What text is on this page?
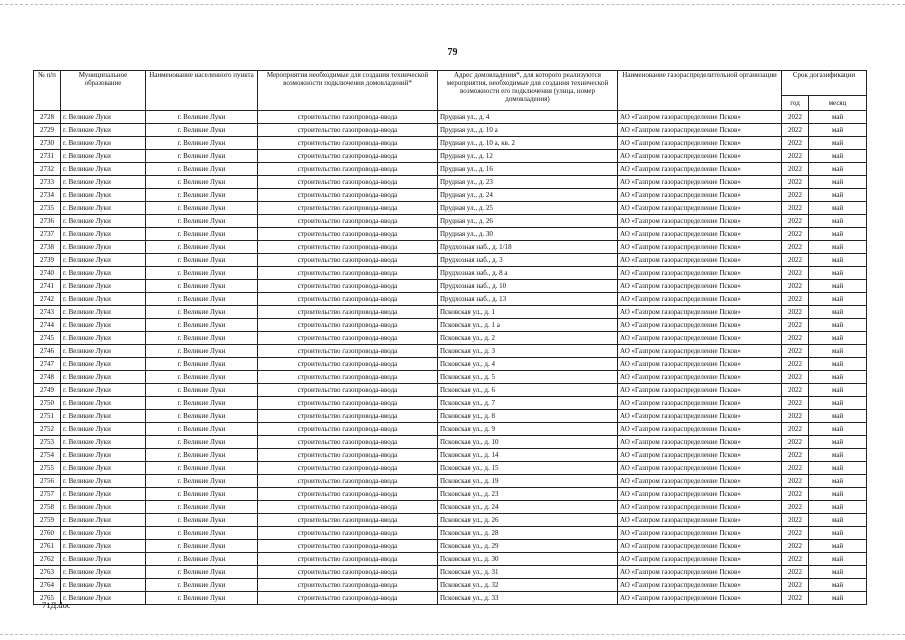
79
№ п/п	Муниципальное образование	Наименование населенного пункта	Мероприятия необходимые для создания технической возможности подключения домовладений*	Адрес домовладения*, для которого реализуются мероприятия, необходимые для создания технической возможности его подключения (улица, номер домовладения)	Наименование газораспределительной организации	Срок догазификации	
						год	месяц
2728	г. Великие Луки	г. Великие Луки	строительство газопровода-ввода	Прудная ул., д. 4	АО «Газпром газораспределение Псков»	2022	май
2729	г. Великие Луки	г. Великие Луки	строительство газопровода-ввода	Прудная ул., д. 10 а	АО «Газпром газораспределение Псков»	2022	май
2730	г. Великие Луки	г. Великие Луки	строительство газопровода-ввода	Прудная ул., д. 10 а, кв. 2	АО «Газпром газораспределение Псков»	2022	май
2731	г. Великие Луки	г. Великие Луки	строительство газопровода-ввода	Прудная ул., д. 12	АО «Газпром газораспределение Псков»	2022	май
2732	г. Великие Луки	г. Великие Луки	строительство газопровода-ввода	Прудная ул., д. 16	АО «Газпром газораспределение Псков»	2022	май
2733	г. Великие Луки	г. Великие Луки	строительство газопровода-ввода	Прудная ул., д. 23	АО «Газпром газораспределение Псков»	2022	май
2734	г. Великие Луки	г. Великие Луки	строительство газопровода-ввода	Прудная ул., д. 24	АО «Газпром газораспределение Псков»	2022	май
2735	г. Великие Луки	г. Великие Луки	строительство газопровода-ввода	Прудная ул., д. 25	АО «Газпром газораспределение Псков»	2022	май
2736	г. Великие Луки	г. Великие Луки	строительство газопровода-ввода	Прудная ул., д. 26	АО «Газпром газораспределение Псков»	2022	май
2737	г. Великие Луки	г. Великие Луки	строительство газопровода-ввода	Прудная ул., д. 30	АО «Газпром газораспределение Псков»	2022	май
2738	г. Великие Луки	г. Великие Луки	строительство газопровода-ввода	Прудхозная наб., д. 1/18	АО «Газпром газораспределение Псков»	2022	май
2739	г. Великие Луки	г. Великие Луки	строительство газопровода-ввода	Прудхозная наб., д. 3	АО «Газпром газораспределение Псков»	2022	май
2740	г. Великие Луки	г. Великие Луки	строительство газопровода-ввода	Прудхозная наб., д. 8 а	АО «Газпром газораспределение Псков»	2022	май
2741	г. Великие Луки	г. Великие Луки	строительство газопровода-ввода	Прудхозная наб., д. 10	АО «Газпром газораспределение Псков»	2022	май
2742	г. Великие Луки	г. Великие Луки	строительство газопровода-ввода	Прудхозная наб., д. 13	АО «Газпром газораспределение Псков»	2022	май
2743	г. Великие Луки	г. Великие Луки	строительство газопровода-ввода	Псковская ул., д. 1	АО «Газпром газораспределение Псков»	2022	май
2744	г. Великие Луки	г. Великие Луки	строительство газопровода-ввода	Псковская ул., д. 1 а	АО «Газпром газораспределение Псков»	2022	май
2745	г. Великие Луки	г. Великие Луки	строительство газопровода-ввода	Псковская ул., д. 2	АО «Газпром газораспределение Псков»	2022	май
2746	г. Великие Луки	г. Великие Луки	строительство газопровода-ввода	Псковская ул., д. 3	АО «Газпром газораспределение Псков»	2022	май
2747	г. Великие Луки	г. Великие Луки	строительство газопровода-ввода	Псковская ул., д. 4	АО «Газпром газораспределение Псков»	2022	май
2748	г. Великие Луки	г. Великие Луки	строительство газопровода-ввода	Псковская ул., д. 5	АО «Газпром газораспределение Псков»	2022	май
2749	г. Великие Луки	г. Великие Луки	строительство газопровода-ввода	Псковская ул., д. 6	АО «Газпром газораспределение Псков»	2022	май
2750	г. Великие Луки	г. Великие Луки	строительство газопровода-ввода	Псковская ул., д. 7	АО «Газпром газораспределение Псков»	2022	май
2751	г. Великие Луки	г. Великие Луки	строительство газопровода-ввода	Псковская ул., д. 8	АО «Газпром газораспределение Псков»	2022	май
2752	г. Великие Луки	г. Великие Луки	строительство газопровода-ввода	Псковская ул., д. 9	АО «Газпром газораспределение Псков»	2022	май
2753	г. Великие Луки	г. Великие Луки	строительство газопровода-ввода	Псковская ул., д. 10	АО «Газпром газораспределение Псков»	2022	май
2754	г. Великие Луки	г. Великие Луки	строительство газопровода-ввода	Псковская ул., д. 14	АО «Газпром газораспределение Псков»	2022	май
2755	г. Великие Луки	г. Великие Луки	строительство газопровода-ввода	Псковская ул., д. 15	АО «Газпром газораспределение Псков»	2022	май
2756	г. Великие Луки	г. Великие Луки	строительство газопровода-ввода	Псковская ул., д. 19	АО «Газпром газораспределение Псков»	2022	май
2757	г. Великие Луки	г. Великие Луки	строительство газопровода-ввода	Псковская ул., д. 23	АО «Газпром газораспределение Псков»	2022	май
2758	г. Великие Луки	г. Великие Луки	строительство газопровода-ввода	Псковская ул., д. 24	АО «Газпром газораспределение Псков»	2022	май
2759	г. Великие Луки	г. Великие Луки	строительство газопровода-ввода	Псковская ул., д. 26	АО «Газпром газораспределение Псков»	2022	май
2760	г. Великие Луки	г. Великие Луки	строительство газопровода-ввода	Псковская ул., д. 28	АО «Газпром газораспределение Псков»	2022	май
2761	г. Великие Луки	г. Великие Луки	строительство газопровода-ввода	Псковская ул., д. 29	АО «Газпром газораспределение Псков»	2022	май
2762	г. Великие Луки	г. Великие Луки	строительство газопровода-ввода	Псковская ул., д. 30	АО «Газпром газораспределение Псков»	2022	май
2763	г. Великие Луки	г. Великие Луки	строительство газопровода-ввода	Псковская ул., д. 31	АО «Газпром газораспределение Псков»	2022	май
2764	г. Великие Луки	г. Великие Луки	строительство газопровода-ввода	Псковская ул., д. 32	АО «Газпром газораспределение Псков»	2022	май
2765	г. Великие Луки	г. Великие Луки	строительство газопровода-ввода	Псковская ул., д. 33	АО «Газпром газораспределение Псков»	2022	май
71Д.doc
